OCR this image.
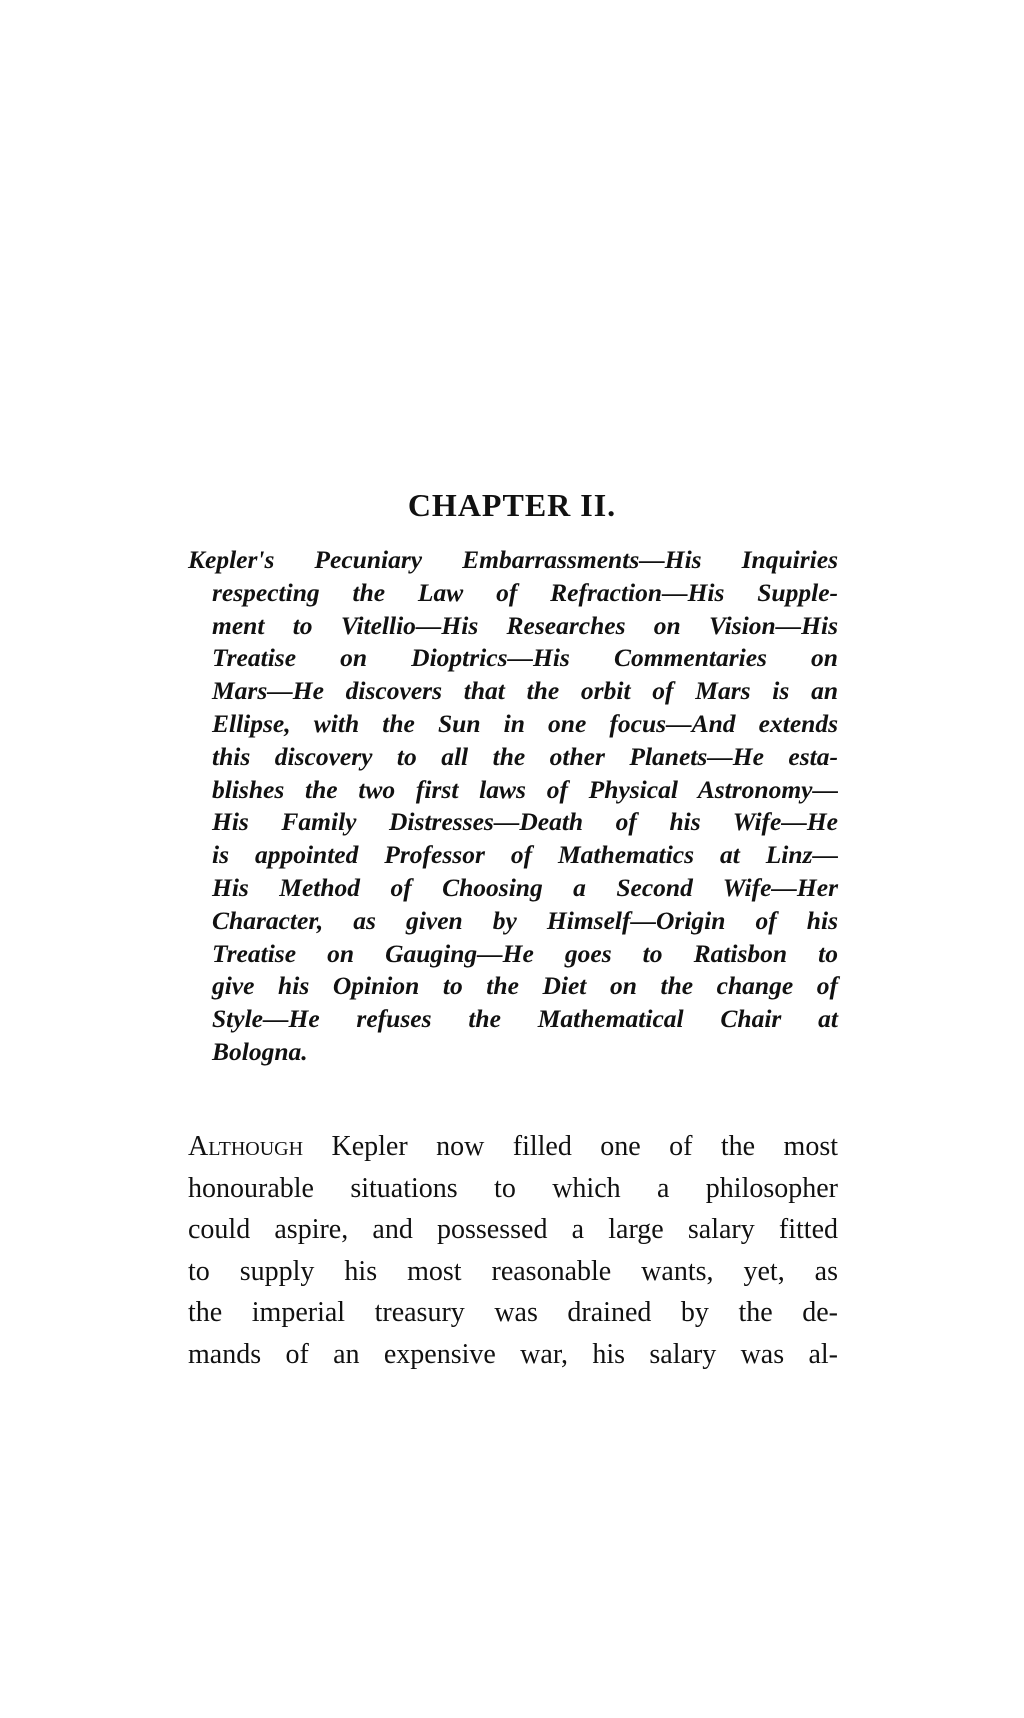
CHAPTER II.
Kepler's Pecuniary Embarrassments—His Inquiries
respecting the Law of Refraction—His Supple-
ment to Vitellio—His Researches on Vision—His
Treatise on Dioptrics—His Commentaries on
Mars—He discovers that the orbit of Mars is an
Ellipse, with the Sun in one focus—And extends
this discovery to all the other Planets—He esta-
blishes the two first laws of Physical Astronomy—
His Family Distresses—Death of his Wife—He
is appointed Professor of Mathematics at Linz—
His Method of Choosing a Second Wife—Her
Character, as given by Himself—Origin of his
Treatise on Gauging—He goes to Ratisbon to
give his Opinion to the Diet on the change of
Style—He refuses the Mathematical Chair at
Bologna.
Although Kepler now filled one of the most
honourable situations to which a philosopher
could aspire, and possessed a large salary fitted
to supply his most reasonable wants, yet, as
the imperial treasury was drained by the de-
mands of an expensive war, his salary was al-
